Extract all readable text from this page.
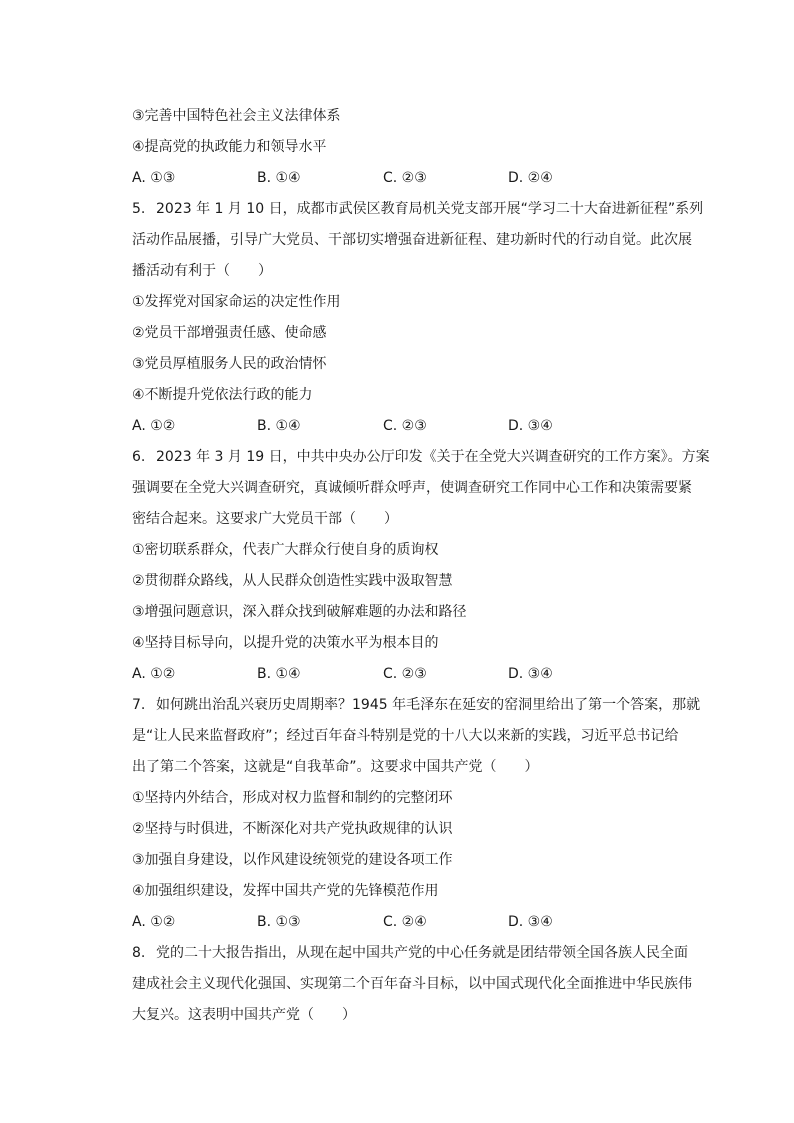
③完善中国特色社会主义法律体系
④提高党的执政能力和领导水平
A. ①③	B. ①④	C. ②③	D. ②④
5. 2023 年 1 月 10 日，成都市武侯区教育局机关党支部开展“学习二十大奋进新征程”系列
活动作品展播，引导广大党员、干部切实增强奋进新征程、建功新时代的行动自觉。此次展
播活动有利于（　　）
①发挥党对国家命运的决定性作用
②党员干部增强责任感、使命感
③党员厚植服务人民的政治情怀
④不断提升党依法行政的能力
A. ①②	B. ①④	C. ②③	D. ③④
6. 2023 年 3 月 19 日，中共中央办公厅印发《关于在全党大兴调查研究的工作方案》。方案
强调要在全党大兴调查研究，真诚倾听群众呼声，使调查研究工作同中心工作和决策需要紧
密结合起来。这要求广大党员干部（　　）
①密切联系群众，代表广大群众行使自身的质询权
②贯彻群众路线，从人民群众创造性实践中汲取智慧
③增强问题意识，深入群众找到破解难题的办法和路径
④坚持目标导向，以提升党的决策水平为根本目的
A. ①②	B. ①④	C. ②③	D. ③④
7. 如何跳出治乱兴衰历史周期率？1945 年毛泽东在延安的窑洞里给出了第一个答案，那就
是“让人民来监督政府”；经过百年奋斗特别是党的十八大以来新的实践，习近平总书记给
出了第二个答案，这就是“自我革命”。这要求中国共产党（　　）
①坚持内外结合，形成对权力监督和制约的完整闭环
②坚持与时俱进，不断深化对共产党执政规律的认识
③加强自身建设，以作风建设统领党的建设各项工作
④加强组织建设，发挥中国共产党的先锋模范作用
A. ①②	B. ①③	C. ②④	D. ③④
8. 党的二十大报告指出，从现在起中国共产党的中心任务就是团结带领全国各族人民全面
建成社会主义现代化强国、实现第二个百年奋斗目标，以中国式现代化全面推进中华民族伟
大复兴。这表明中国共产党（　　）
